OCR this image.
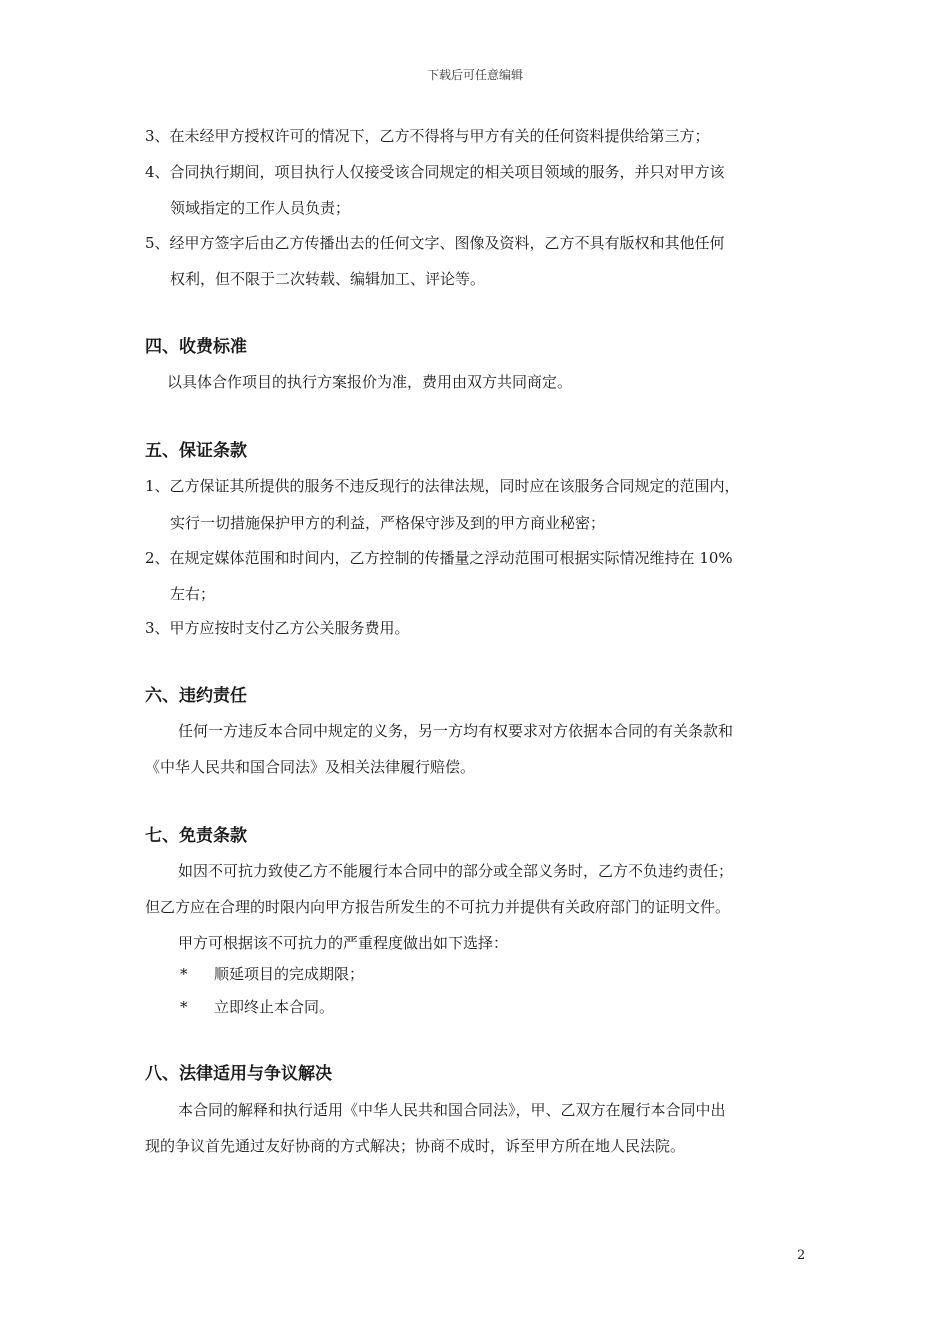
下载后可任意编辑
3、在未经甲方授权许可的情况下，乙方不得将与甲方有关的任何资料提供给第三方；
4、合同执行期间，项目执行人仅接受该合同规定的相关项目领域的服务，并只对甲方该
领域指定的工作人员负责；
5、经甲方签字后由乙方传播出去的任何文字、图像及资料，乙方不具有版权和其他任何
权利，但不限于二次转载、编辑加工、评论等。
四、收费标准
以具体合作项目的执行方案报价为准，费用由双方共同商定。
五、保证条款
1、乙方保证其所提供的服务不违反现行的法律法规，同时应在该服务合同规定的范围内，
实行一切措施保护甲方的利益，严格保守涉及到的甲方商业秘密；
2、在规定媒体范围和时间内，乙方控制的传播量之浮动范围可根据实际情况维持在 10%
左右；
3、甲方应按时支付乙方公关服务费用。
六、违约责任
任何一方违反本合同中规定的义务，另一方均有权要求对方依据本合同的有关条款和
《中华人民共和国合同法》及相关法律履行赔偿。
七、免责条款
如因不可抗力致使乙方不能履行本合同中的部分或全部义务时，乙方不负违约责任；
但乙方应在合理的时限内向甲方报告所发生的不可抗力并提供有关政府部门的证明文件。
甲方可根据该不可抗力的严重程度做出如下选择：
* 顺延项目的完成期限；
* 立即终止本合同。
八、法律适用与争议解决
本合同的解释和执行适用《中华人民共和国合同法》，甲、乙双方在履行本合同中出
现的争议首先通过友好协商的方式解决；协商不成时，诉至甲方所在地人民法院。
2
